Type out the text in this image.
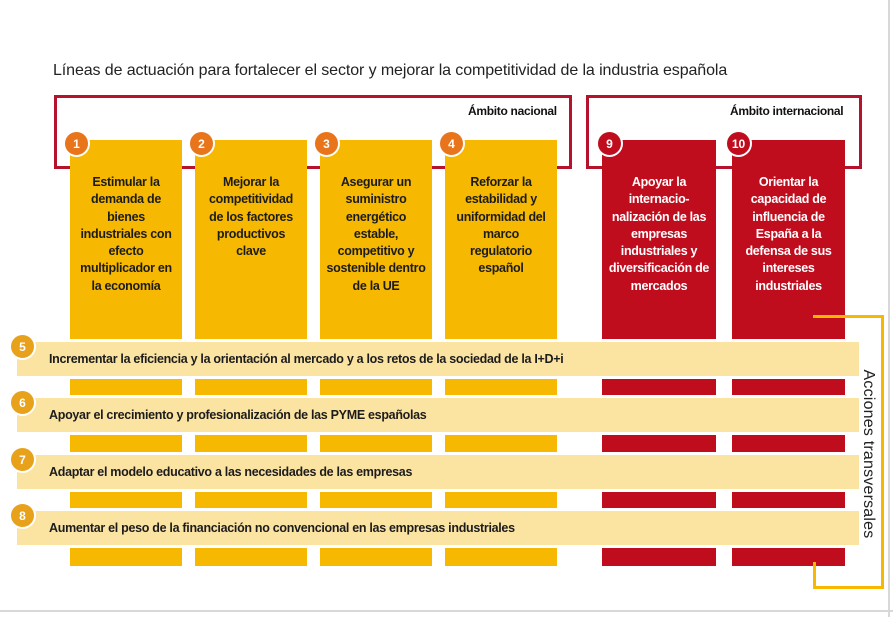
Líneas de actuación para fortalecer el sector y mejorar la competitividad de la industria española
Ámbito nacional	Ámbito internacional
Estimular la demanda de bienes industriales con efecto multiplicador en la economía
Mejorar la competitividad de los factores productivos clave
Asegurar un suministro energético estable, competitivo y sostenible dentro de la UE
Reforzar la estabilidad y uniformidad del marco regulatorio español
Apoyar la internacio-nalización de las empresas industriales y diversificación de mercados
Orientar la capacidad de influencia de España a la defensa de sus intereses industriales
1	2	3	4	9	10
Acciones transversales
Incrementar la eficiencia y la orientación al mercado y a los retos de la sociedad de la I+D+i
Apoyar el crecimiento y profesionalización de las PYME españolas
Adaptar el modelo educativo a las necesidades de las empresas
Aumentar el peso de la financiación no convencional en las empresas industriales
5
6
7
8
